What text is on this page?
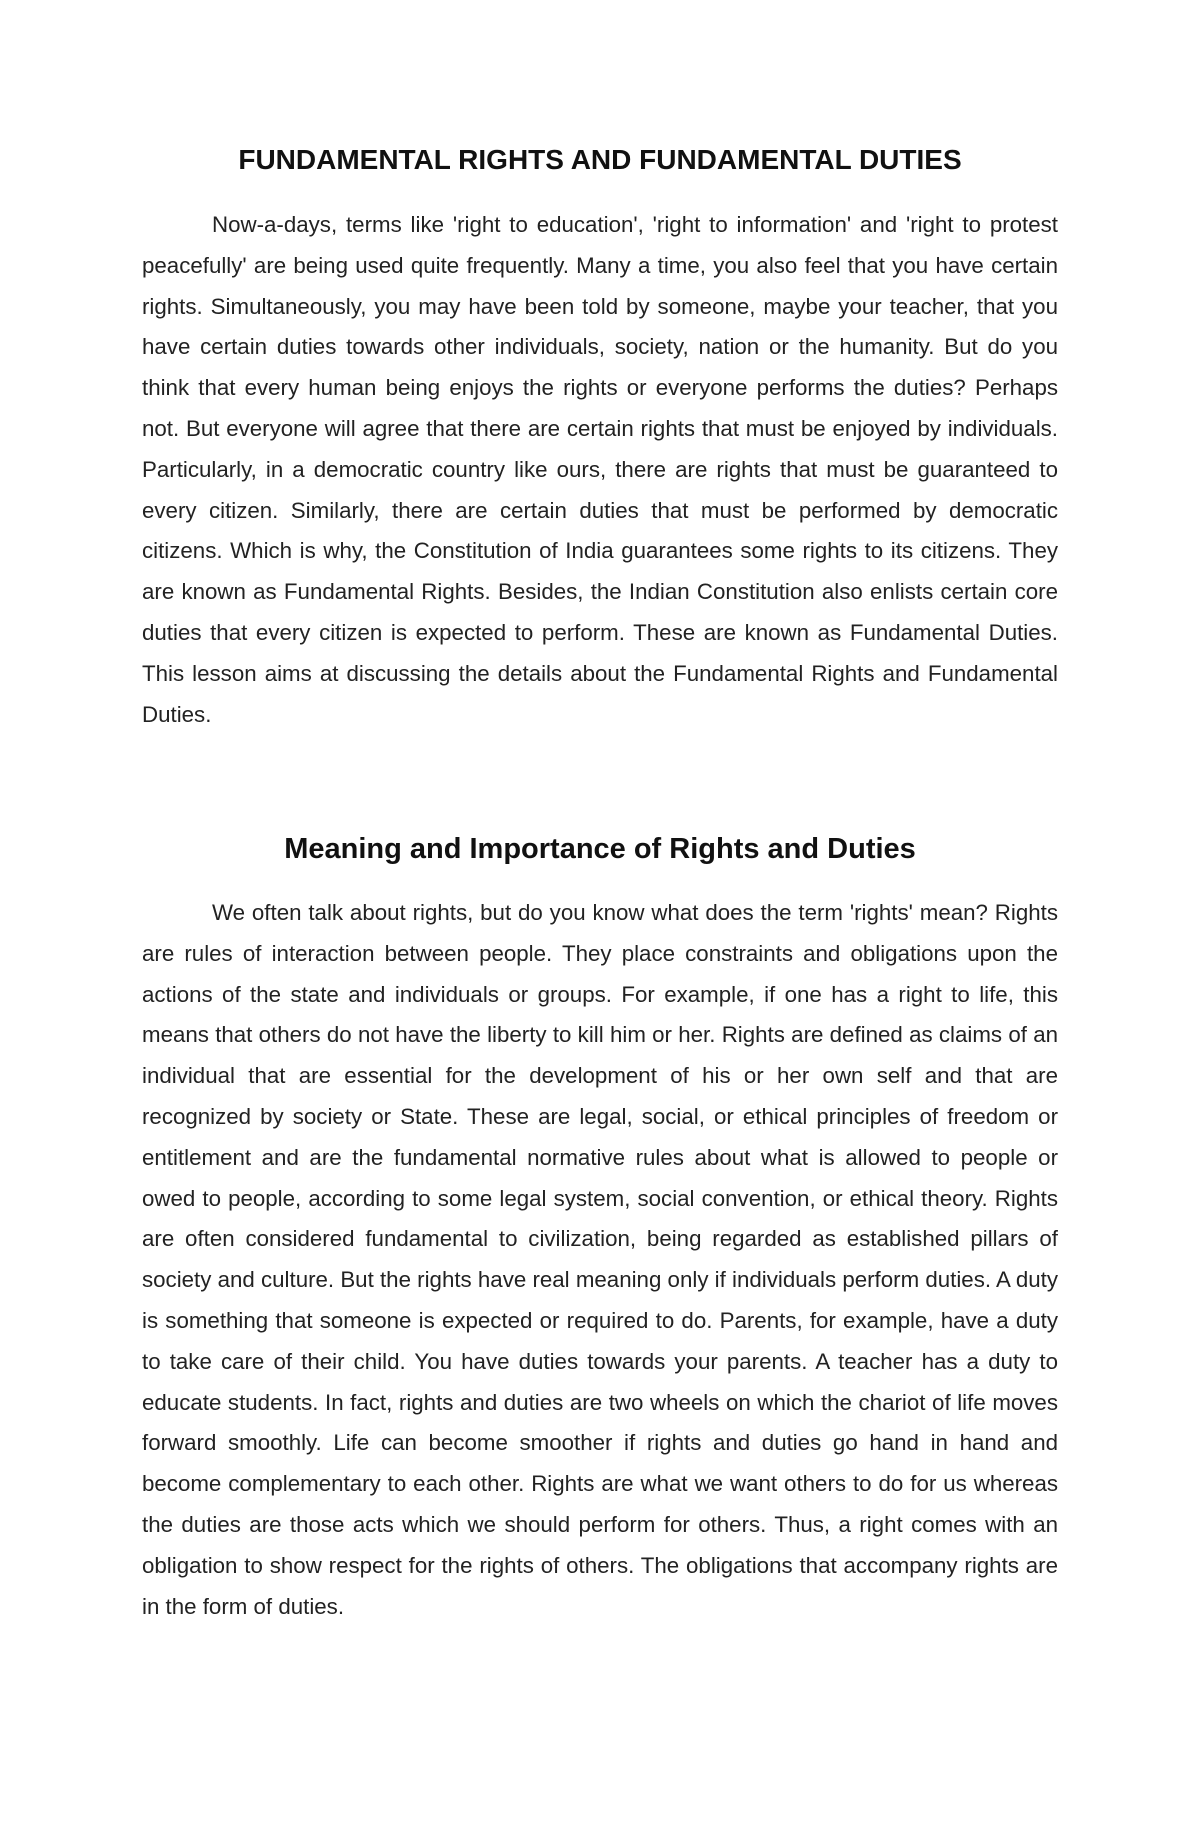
FUNDAMENTAL RIGHTS AND FUNDAMENTAL DUTIES

Now-a-days, terms like 'right to education', 'right to information' and 'right to protest peacefully' are being used quite frequently. Many a time, you also feel that you have certain rights. Simultaneously, you may have been told by someone, maybe your teacher, that you have certain duties towards other individuals, society, nation or the humanity. But do you think that every human being enjoys the rights or everyone performs the duties? Perhaps not. But everyone will agree that there are certain rights that must be enjoyed by individuals. Particularly, in a democratic country like ours, there are rights that must be guaranteed to every citizen. Similarly, there are certain duties that must be performed by democratic citizens. Which is why, the Constitution of India guarantees some rights to its citizens. They are known as Fundamental Rights. Besides, the Indian Constitution also enlists certain core duties that every citizen is expected to perform. These are known as Fundamental Duties. This lesson aims at discussing the details about the Fundamental Rights and Fundamental Duties.

Meaning and Importance of Rights and Duties

We often talk about rights, but do you know what does the term 'rights' mean? Rights are rules of interaction between people. They place constraints and obligations upon the actions of the state and individuals or groups. For example, if one has a right to life, this means that others do not have the liberty to kill him or her. Rights are defined as claims of an individual that are essential for the development of his or her own self and that are recognized by society or State. These are legal, social, or ethical principles of freedom or entitlement and are the fundamental normative rules about what is allowed to people or owed to people, according to some legal system, social convention, or ethical theory. Rights are often considered fundamental to civilization, being regarded as established pillars of society and culture. But the rights have real meaning only if individuals perform duties. A duty is something that someone is expected or required to do. Parents, for example, have a duty to take care of their child. You have duties towards your parents. A teacher has a duty to educate students. In fact, rights and duties are two wheels on which the chariot of life moves forward smoothly. Life can become smoother if rights and duties go hand in hand and become complementary to each other. Rights are what we want others to do for us whereas the duties are those acts which we should perform for others. Thus, a right comes with an obligation to show respect for the rights of others. The obligations that accompany rights are in the form of duties.
